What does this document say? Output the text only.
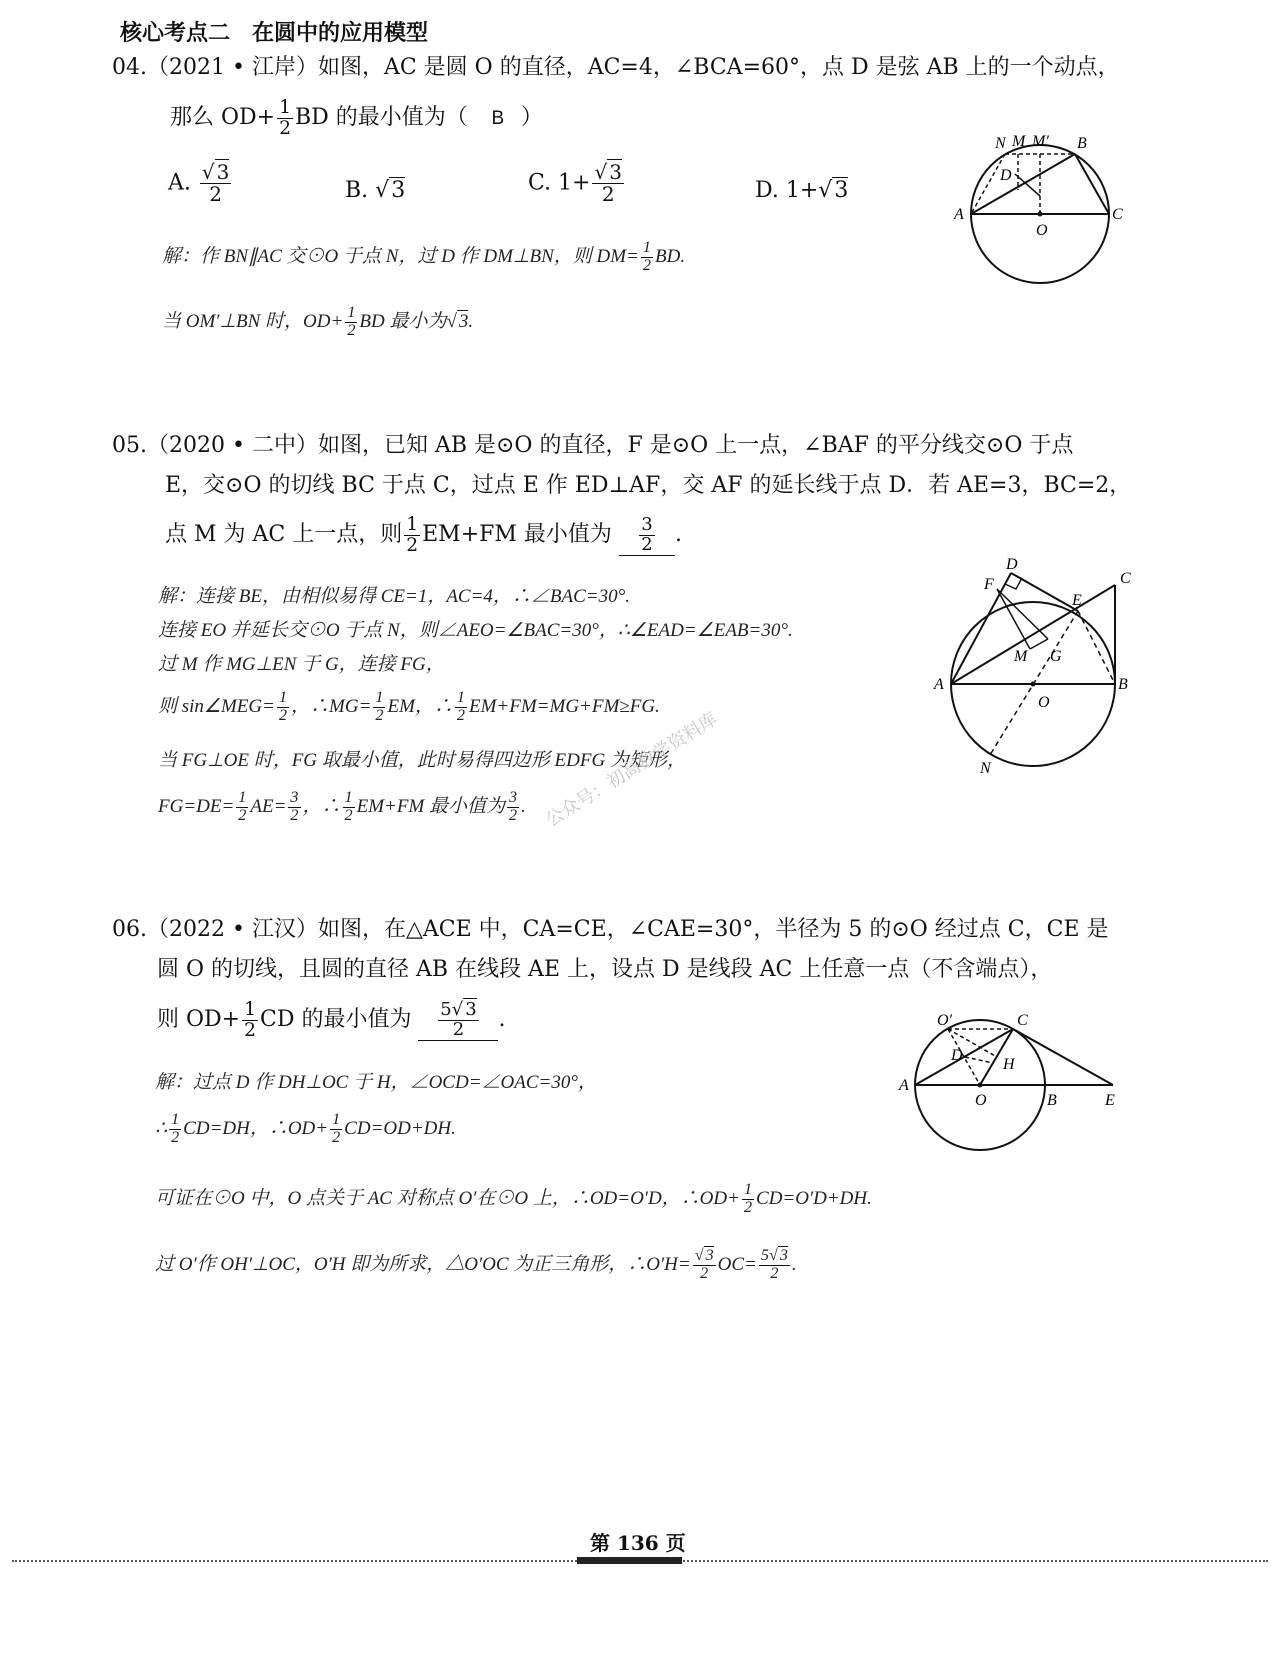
核心考点二 在圆中的应用模型
04.（2021 • 江岸）如图，AC 是圆 O 的直径，AC=4，∠BCA=60°，点 D 是弦 AB 上的一个动点，
那么 $OD+ \frac{1}{2}$ BD 的最小值为（ B ）
A. $\frac{√ 3}{2}$	B. √3	C. $1+ \frac{√ 3}{2}$	D. 1+√3
解：作 BN∥AC 交⊙O 于点 N，过 D 作 DM⊥BN，则 $DM= \frac{1}{2}$ BD.
当 OM′⊥BN 时，$OD+ \frac{1}{2}$ BD 最小为√ 3.
N M M′ B
D
A
O
C
05.（2020 • 二中）如图，已知 AB 是⊙O 的直径，F 是⊙O 上一点，∠BAF 的平分线交⊙O 于点
E，交⊙O 的切线 BC 于点 C，过点 E 作 ED⊥AF，交 AF 的延长线于点 D．若 AE=3，BC=2，
点 M 为 AC 上一点，则 $\frac{1}{2} EM+FM$ 最小值为 $\frac{3}{2}$ .
解：连接 BE，由相似易得 CE=1，AC=4，∴∠BAC=30°.
连接 EO 并延长交⊙O 于点 N，则∠AEO=∠BAC=30°，∴∠EAD=∠EAB=30°.
过 M 作 MG⊥EN 于 G，连接 FG，
则 sin∠MEG= $\frac{1}{2}$ ，∴MG= $\frac{1}{2}$ EM，∴ $\frac{1}{2} EM+FM=MG+FM\ge FG$.
当 FG⊥OE 时，FG 取最小值，此时易得四边形 EDFG 为矩形，
$FG=DE= \frac{1}{2} AE= \frac{3}{2}$ ，∴ $\frac{1}{2} EM+FM$ 最小值为 $\frac{3}{2}$ .
D
F
E
C
A
M G
B
O
N
公众号：初高数学资料库
06.（2022 • 江汉）如图，在△ACE 中，CA=CE，∠CAE=30°，半径为 5 的⊙O 经过点 C，CE 是
圆 O 的切线，且圆的直径 AB 在线段 AE 上，设点 D 是线段 AC 上任意一点（不含端点），
则 $OD+ \frac{1}{2}$ CD 的最小值为 $\frac{5√ 3}{2}$ .
解：过点 D 作 DH⊥OC 于 H，∠OCD=∠OAC=30°，
∴ $\frac{1}{2} CD=DH$，∴OD+ $\frac{1}{2} CD=OD+DH$.
可证在⊙O 中，O 点关于 AC 对称点 O′在⊙O 上，∴OD=O′D，∴OD+ $\frac{1}{2} CD=O'D+DH$.
过 O′作 OH′⊥OC，O′H 即为所求，△O′OC 为正三角形，∴O′H= $\frac{√ 3}{2} OC= \frac{5√ 3}{2}$ .
O′	C
D
H
A
O	B	E
第 136 页
